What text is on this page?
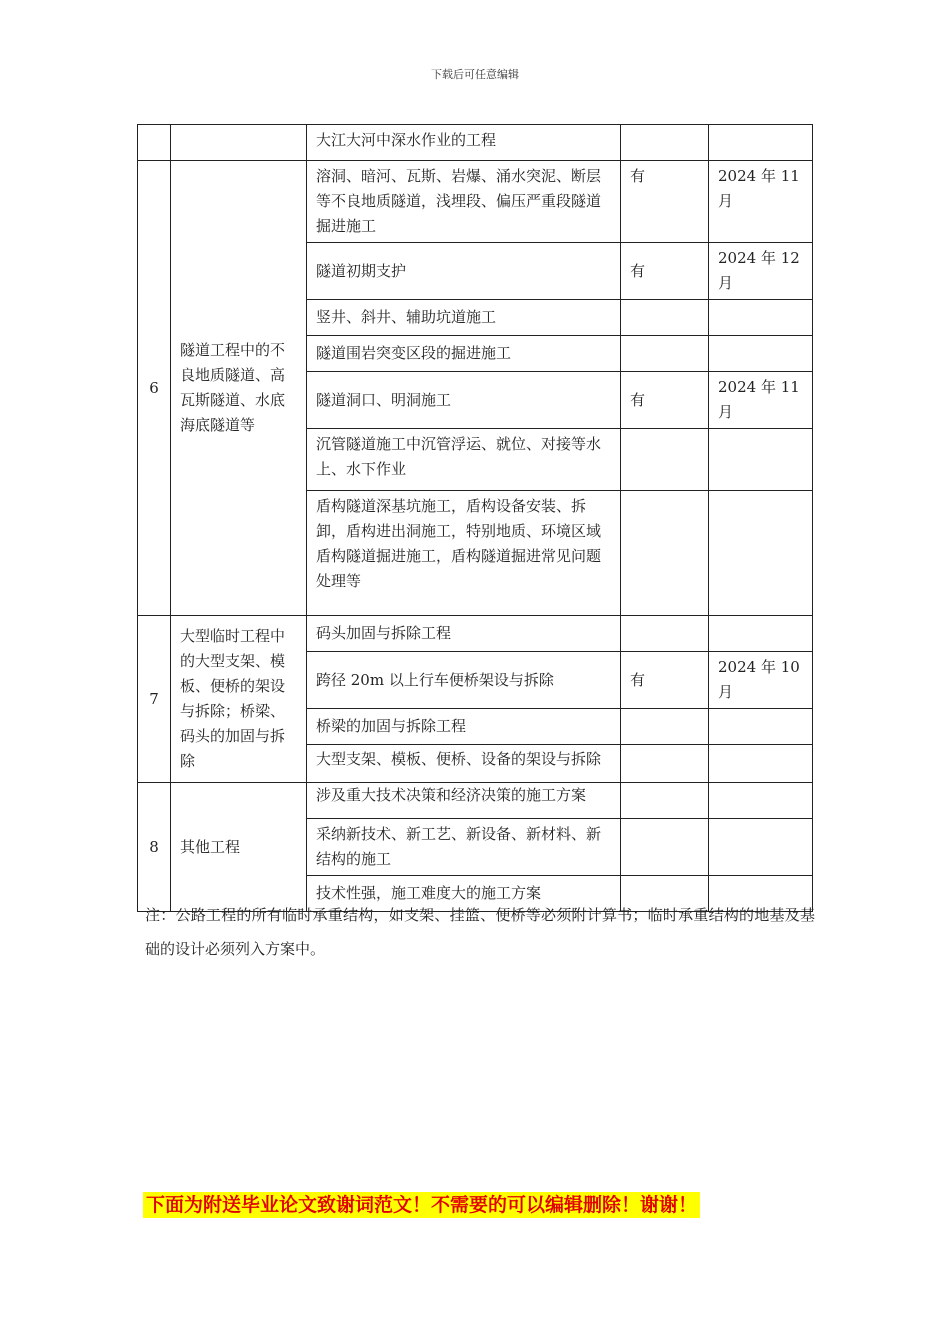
下载后可任意编辑
		大江大河中深水作业的工程		
6	隧道工程中的不良地质隧道、高瓦斯隧道、水底海底隧道等	溶洞、暗河、瓦斯、岩爆、涌水突泥、断层等不良地质隧道，浅埋段、偏压严重段隧道掘进施工	有	2024 年 11 月
		隧道初期支护	有	2024 年 12 月
		竖井、斜井、辅助坑道施工		
		隧道围岩突变区段的掘进施工		
		隧道洞口、明洞施工	有	2024 年 11 月
		沉管隧道施工中沉管浮运、就位、对接等水上、水下作业		
		盾构隧道深基坑施工，盾构设备安装、拆卸，盾构进出洞施工，特别地质、环境区域盾构隧道掘进施工，盾构隧道掘进常见问题处理等		
7	大型临时工程中的大型支架、模板、便桥的架设与拆除；桥梁、码头的加固与拆除	码头加固与拆除工程		
		跨径 20m 以上行车便桥架设与拆除	有	2024 年 10 月
		桥梁的加固与拆除工程		

		大型支架、模板、便桥、设备的架设与拆除		

8	其他工程	涉及重大技术决策和经济决策的施工方案		

		采纳新技术、新工艺、新设备、新材料、新结构的施工		
		技术性强，施工难度大的施工方案		
注：公路工程的所有临时承重结构，如支架、挂篮、便桥等必须附计算书；临时承重结构的地基及基础的设计必须列入方案中。
下面为附送毕业论文致谢词范文！不需要的可以编辑删除！谢谢！
